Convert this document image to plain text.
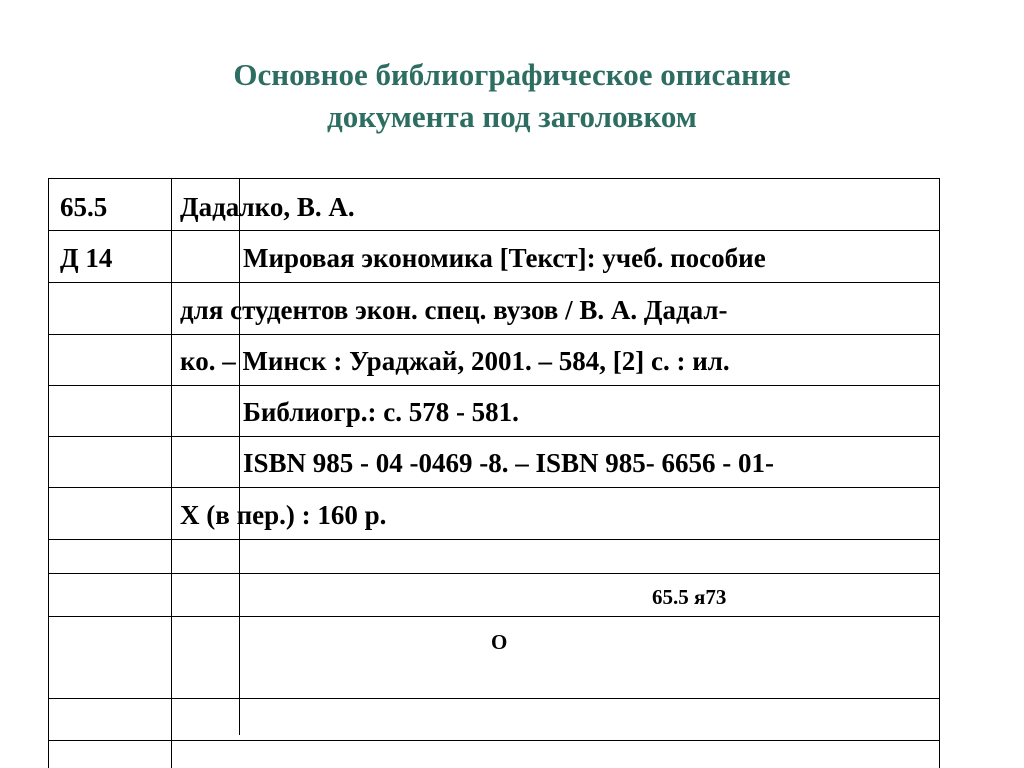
Основное библиографическое описание
документа под заголовком
65.5
Д 14
Дадалко, В. А.
Мировая экономика [Текст]: учеб. пособие
для студентов экон. спец. вузов / В. А. Дадал-
ко. – Минск : Ураджай, 2001. – 584, [2] с. : ил.
Библиогр.: с. 578 - 581.
ISBN 985 - 04 -0469 -8. – ISBN 985- 6656 - 01-
Х (в пер.) : 160 р.
65.5 я73
О
